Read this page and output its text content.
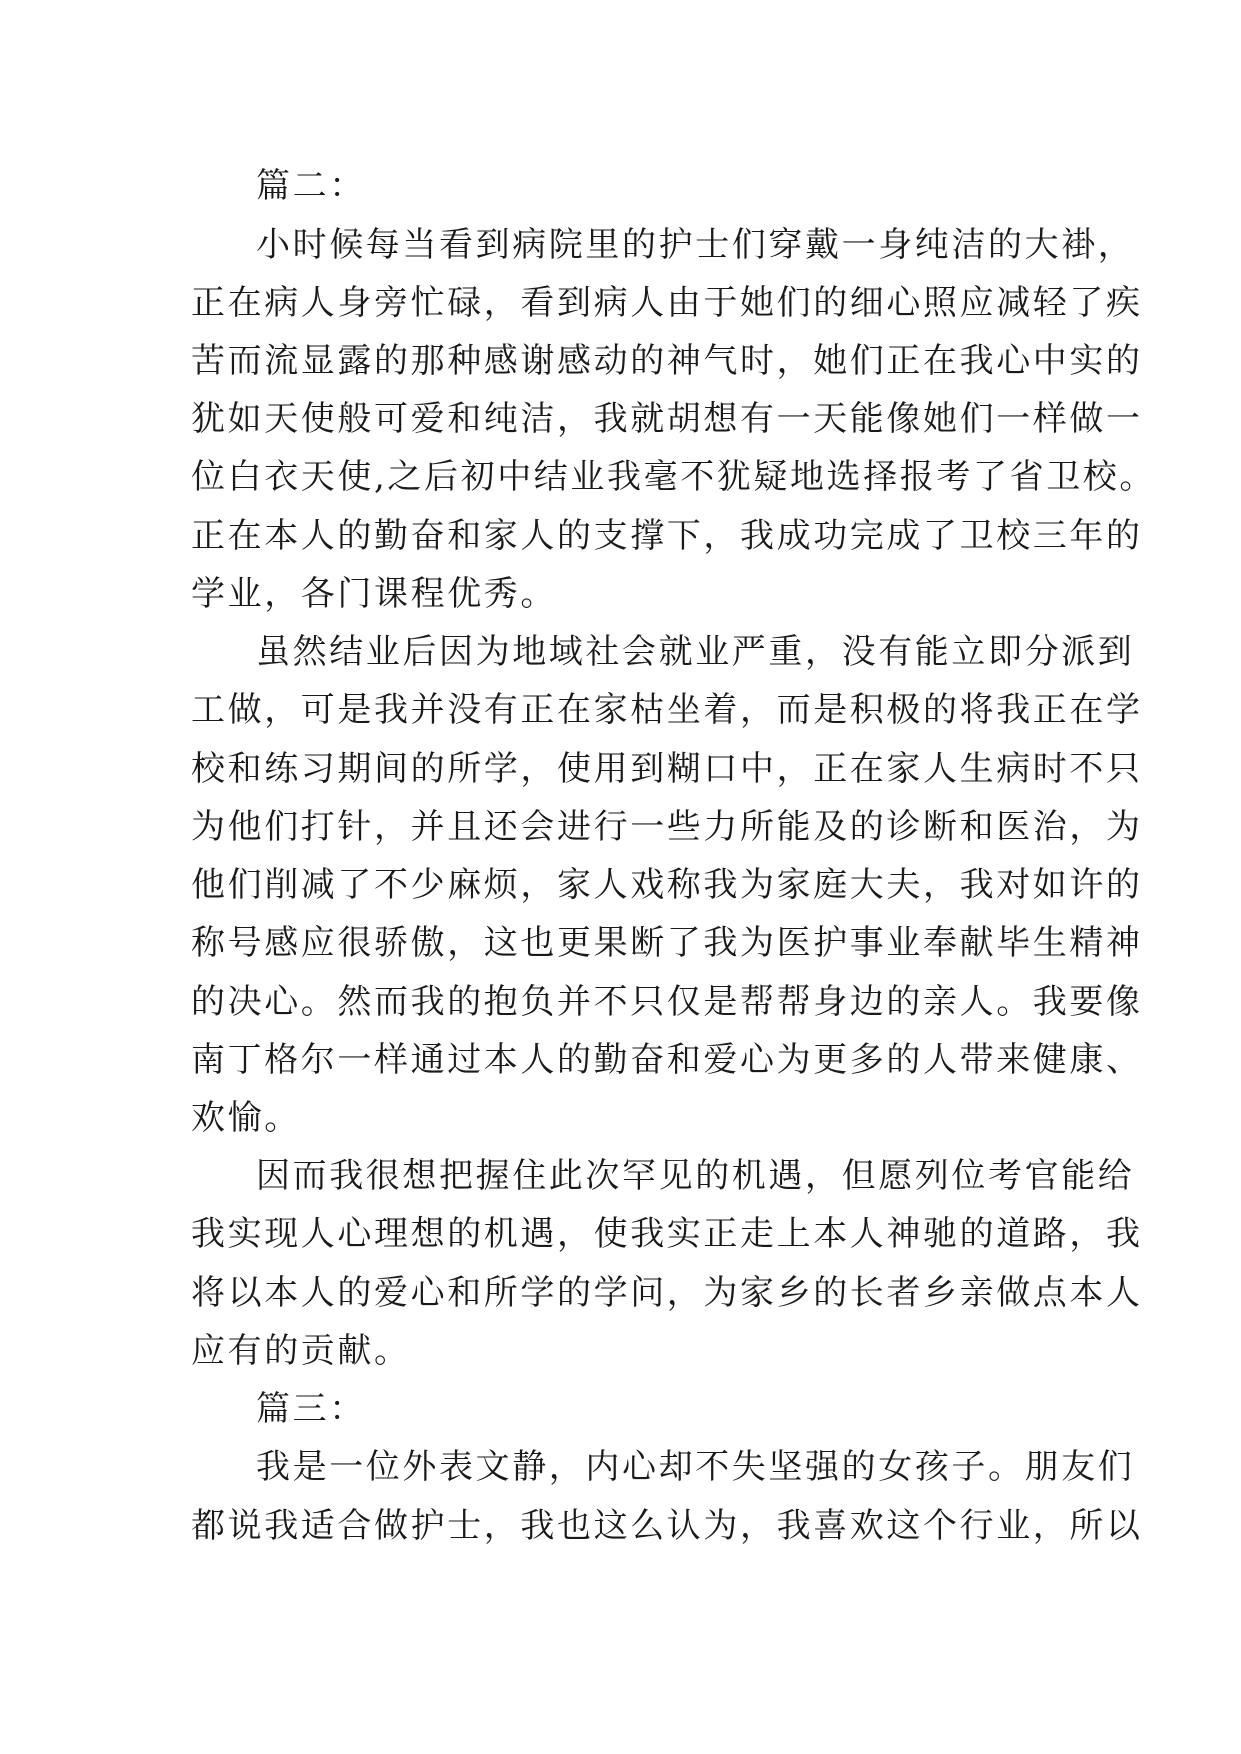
篇二：
小时候每当看到病院里的护士们穿戴一身纯洁的大褂，
正在病人身旁忙碌，看到病人由于她们的细心照应减轻了疾
苦而流显露的那种感谢感动的神气时，她们正在我心中实的
犹如天使般可爱和纯洁，我就胡想有一天能像她们一样做一
位白衣天使,之后初中结业我毫不犹疑地选择报考了省卫校。
正在本人的勤奋和家人的支撑下，我成功完成了卫校三年的
学业，各门课程优秀。
虽然结业后因为地域社会就业严重，没有能立即分派到
工做，可是我并没有正在家枯坐着，而是积极的将我正在学
校和练习期间的所学，使用到糊口中，正在家人生病时不只
为他们打针，并且还会进行一些力所能及的诊断和医治，为
他们削减了不少麻烦，家人戏称我为家庭大夫，我对如许的
称号感应很骄傲，这也更果断了我为医护事业奉献毕生精神
的决心。然而我的抱负并不只仅是帮帮身边的亲人。我要像
南丁格尔一样通过本人的勤奋和爱心为更多的人带来健康、
欢愉。
因而我很想把握住此次罕见的机遇，但愿列位考官能给
我实现人心理想的机遇，使我实正走上本人神驰的道路，我
将以本人的爱心和所学的学问，为家乡的长者乡亲做点本人
应有的贡献。
篇三：
我是一位外表文静，内心却不失坚强的女孩子。朋友们
都说我适合做护士，我也这么认为，我喜欢这个行业，所以
